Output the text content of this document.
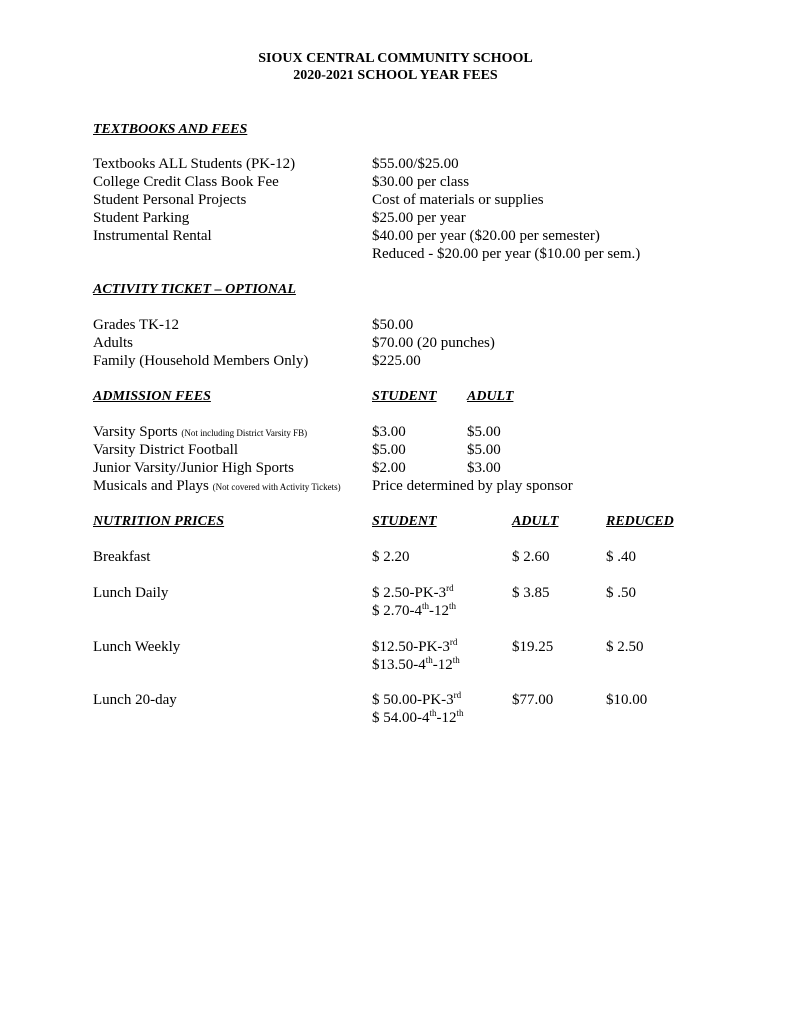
SIOUX CENTRAL COMMUNITY SCHOOL
2020-2021 SCHOOL YEAR FEES
TEXTBOOKS AND FEES
Textbooks ALL Students (PK-12)	$55.00/$25.00
College Credit Class Book Fee	$30.00 per class
Student Personal Projects	Cost of materials or supplies
Student Parking	$25.00 per year
Instrumental Rental	$40.00 per year ($20.00 per semester)
Reduced - $20.00 per year ($10.00 per sem.)
ACTIVITY TICKET – OPTIONAL
Grades TK-12	$50.00
Adults	$70.00 (20 punches)
Family (Household Members Only)	$225.00
ADMISSION FEES	STUDENT ADULT
Varsity Sports (Not including District Varsity FB)	$3.00	$5.00
Varsity District Football	$5.00	$5.00
Junior Varsity/Junior High Sports	$2.00	$3.00
Musicals and Plays (Not covered with Activity Tickets) Price determined by play sponsor
NUTRITION PRICES	STUDENT	ADULT	REDUCED
Breakfast	$ 2.20	$ 2.60	$ .40
Lunch Daily	$ 2.50-PK-3rd	$ 3.85	$ .50
$ 2.70-4th-12th
Lunch Weekly	$12.50-PK-3rd	$19.25	$ 2.50
$13.50-4th-12th
Lunch 20-day	$ 50.00-PK-3rd	$77.00	$10.00
$ 54.00-4th-12th
